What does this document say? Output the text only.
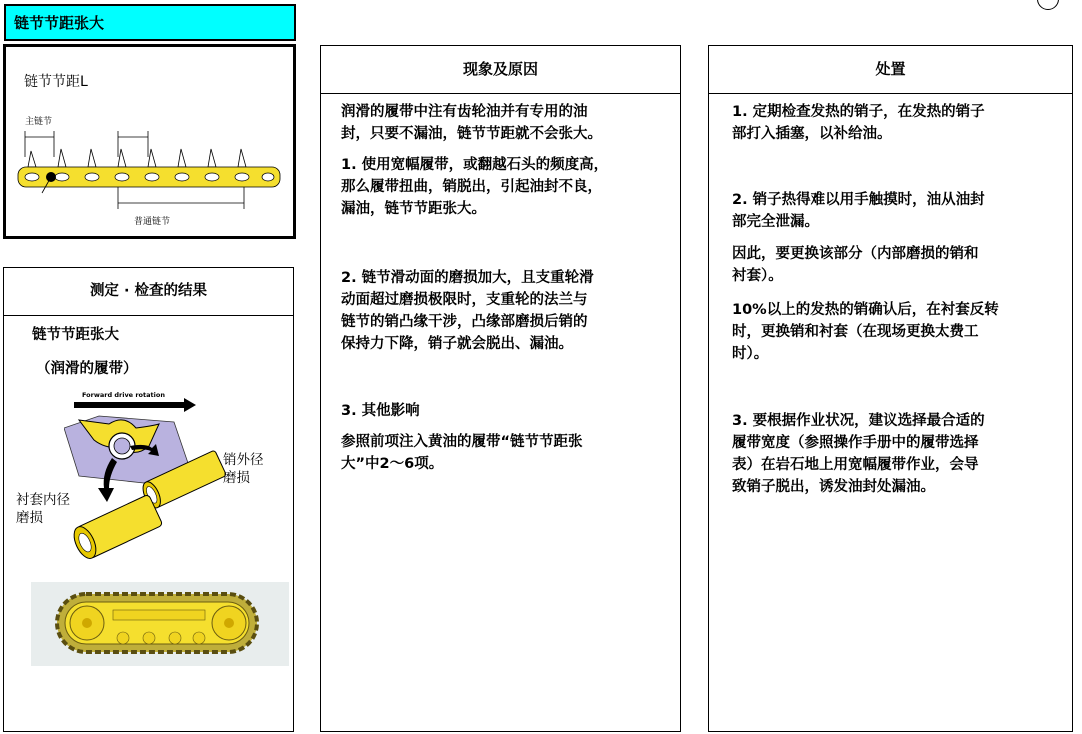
链节节距张大
链节节距L
主链节
普通链节
测定 · 检查的结果
链节节距张大
（润滑的履带）
Forward drive rotation
销外径
磨损
衬套内径
磨损
现象及原因
润滑的履带中注有齿轮油并有专用的油
封，只要不漏油，链节节距就不会张大。
1. 使用宽幅履带，或翻越石头的频度高，
那么履带扭曲，销脱出，引起油封不良，
漏油，链节节距张大。
2. 链节滑动面的磨损加大，且支重轮滑
动面超过磨损极限时，支重轮的法兰与
链节的销凸缘干涉，凸缘部磨损后销的
保持力下降，销子就会脱出、漏油。
3. 其他影响
参照前项注入黄油的履带“链节节距张
大”中2～6项。
处置
1. 定期检查发热的销子，在发热的销子
部打入插塞，以补给油。
2. 销子热得难以用手触摸时，油从油封
部完全泄漏。
因此，要更换该部分（内部磨损的销和
衬套）。
10%以上的发热的销确认后，在衬套反转
时，更换销和衬套（在现场更换太费工
时）。
3. 要根据作业状况，建议选择最合适的
履带宽度（参照操作手册中的履带选择
表）在岩石地上用宽幅履带作业，会导
致销子脱出，诱发油封处漏油。
